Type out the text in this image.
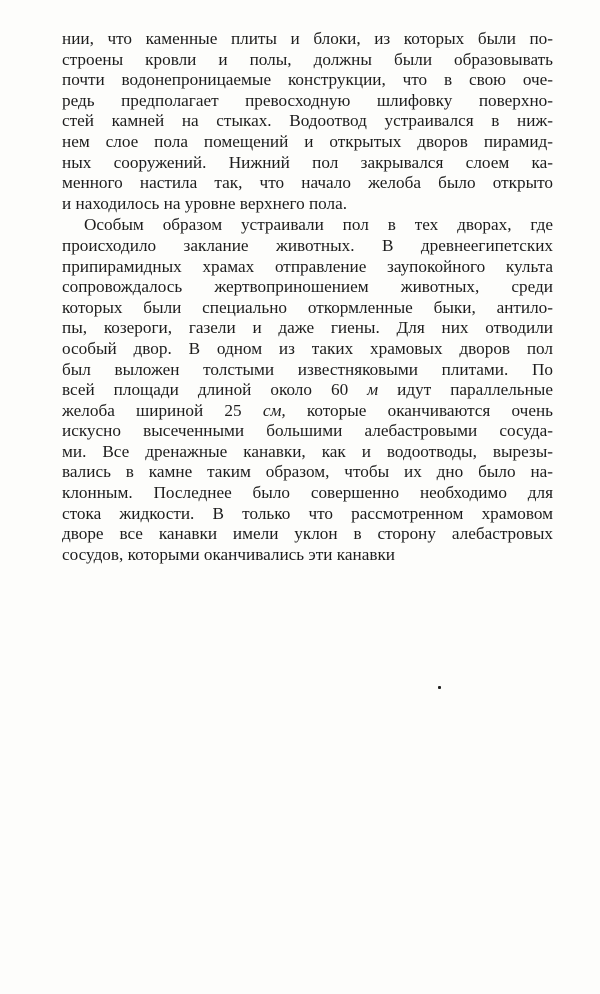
нии, что каменные плиты и блоки, из которых были по-
строены кровли и полы, должны были образовывать
почти водонепроницаемые конструкции, что в свою оче-
редь предполагает превосходную шлифовку поверхно-
стей камней на стыках. Водоотвод устраивался в ниж-
нем слое пола помещений и открытых дворов пирамид-
ных сооружений. Нижний пол закрывался слоем ка-
менного настила так, что начало желоба было открыто
и находилось на уровне верхнего пола.
Особым образом устраивали пол в тех дворах, где
происходило заклание животных. В древнеегипетских
припирамидных храмах отправление заупокойного культа
сопровождалось жертвоприношением животных, среди
которых были специально откормленные быки, антило-
пы, козероги, газели и даже гиены. Для них отводили
особый двор. В одном из таких храмовых дворов пол
был выложен толстыми известняковыми плитами. По
всей площади длиной около 60 м идут параллельные
желоба шириной 25 см, которые оканчиваются очень
искусно высеченными большими алебастровыми сосуда-
ми. Все дренажные канавки, как и водоотводы, вырезы-
вались в камне таким образом, чтобы их дно было на-
клонным. Последнее было совершенно необходимо для
стока жидкости. В только что рассмотренном храмовом
дворе все канавки имели уклон в сторону алебастровых
сосудов, которыми оканчивались эти канавки
